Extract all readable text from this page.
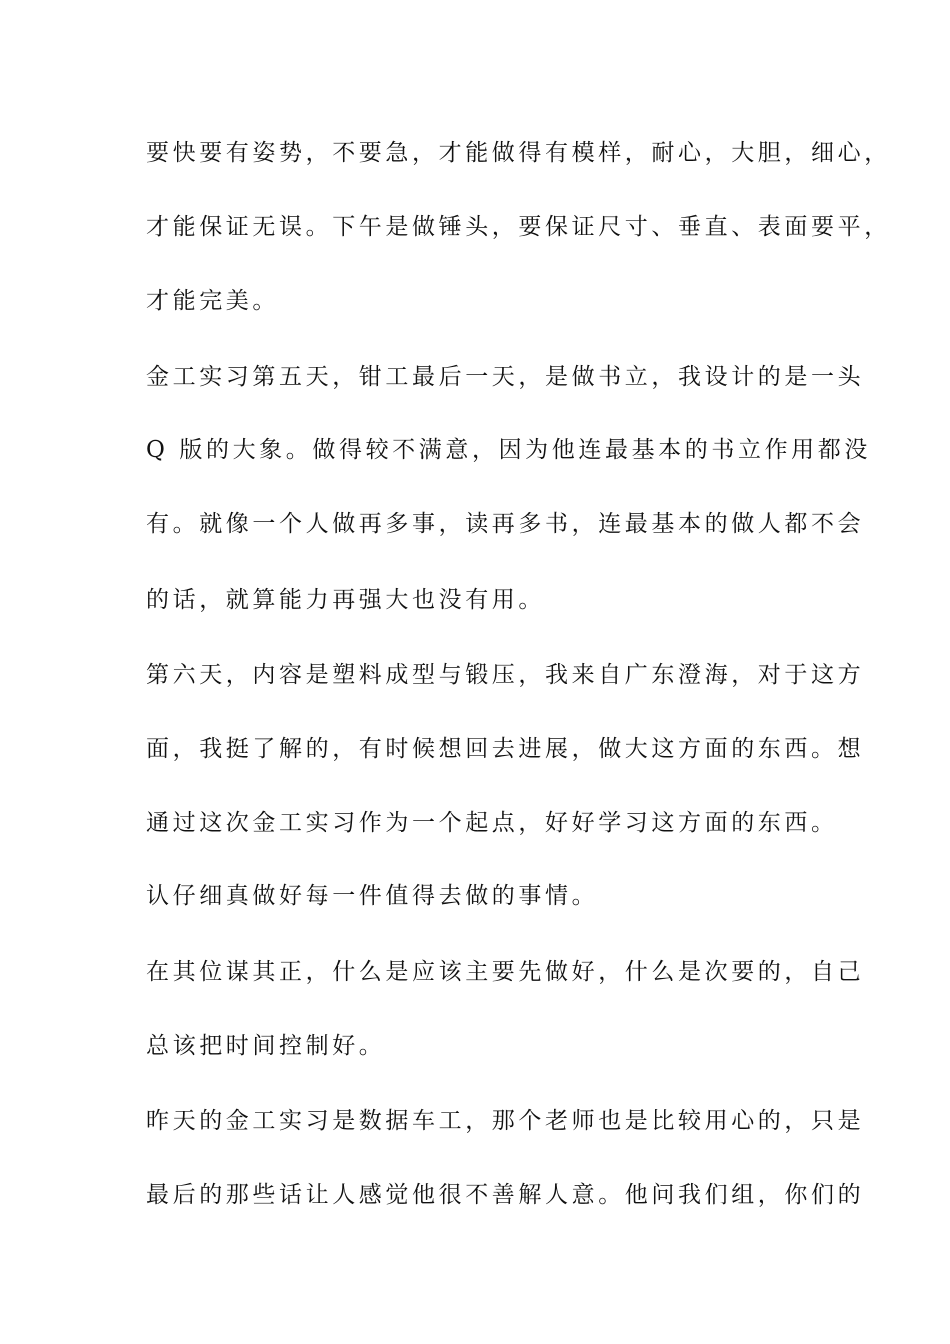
要快要有姿势，不要急，才能做得有模样，耐心，大胆，细心，
才能保证无误。下午是做锤头，要保证尺寸、垂直、表面要平，
才能完美。
金工实习第五天，钳工最后一天，是做书立，我设计的是一头
Q 版的大象。做得较不满意，因为他连最基本的书立作用都没
有。就像一个人做再多事，读再多书，连最基本的做人都不会
的话，就算能力再强大也没有用。
第六天，内容是塑料成型与锻压，我来自广东澄海，对于这方
面，我挺了解的，有时候想回去进展，做大这方面的东西。想
通过这次金工实习作为一个起点，好好学习这方面的东西。
认仔细真做好每一件值得去做的事情。
在其位谋其正，什么是应该主要先做好，什么是次要的，自己
总该把时间控制好。
昨天的金工实习是数据车工，那个老师也是比较用心的，只是
最后的那些话让人感觉他很不善解人意。他问我们组，你们的
